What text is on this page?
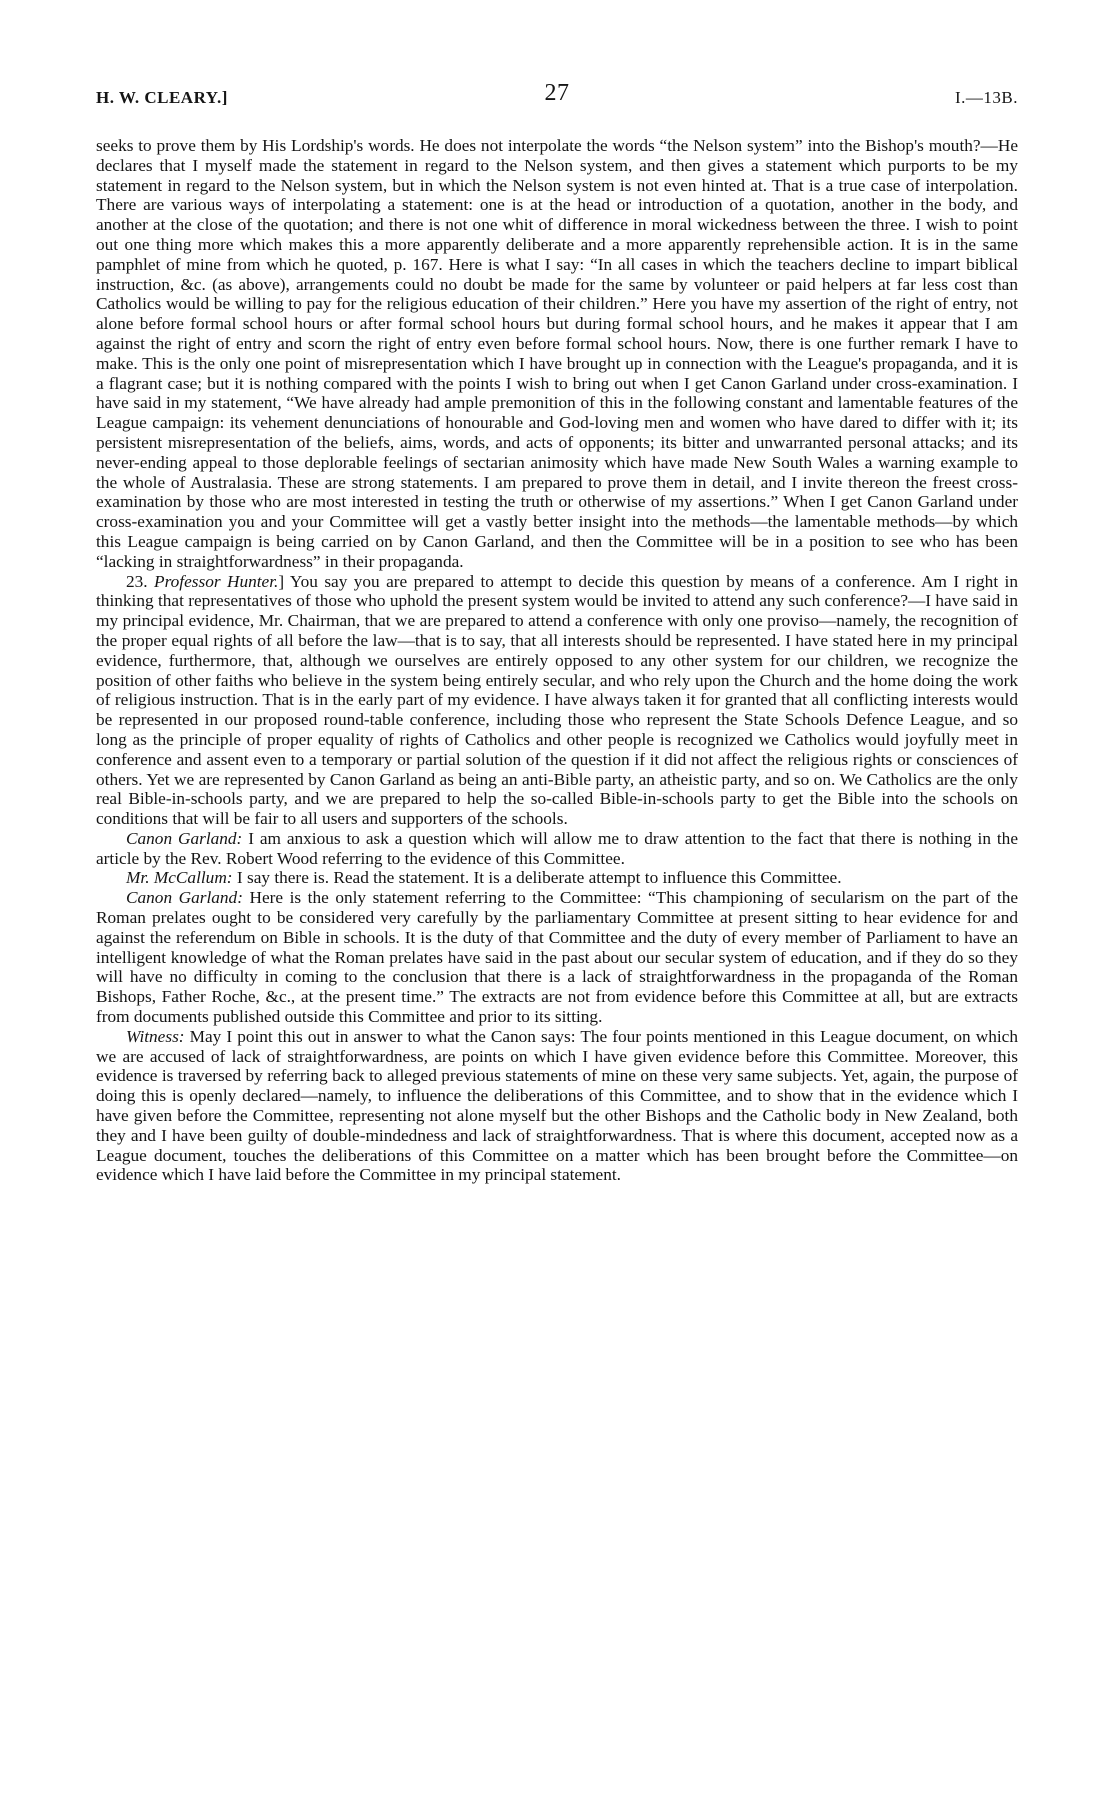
H. W. CLEARY.]	27	I.—13B.

seeks to prove them by His Lordship's words. He does not interpolate the words “the Nelson system” into the Bishop's mouth?—He declares that I myself made the statement in regard to the Nelson system, and then gives a statement which purports to be my statement in regard to the Nelson system, but in which the Nelson system is not even hinted at. That is a true case of interpolation. There are various ways of interpolating a statement: one is at the head or introduction of a quotation, another in the body, and another at the close of the quotation; and there is not one whit of difference in moral wickedness between the three. I wish to point out one thing more which makes this a more apparently deliberate and a more apparently reprehensible action. It is in the same pamphlet of mine from which he quoted, p. 167. Here is what I say: “In all cases in which the teachers decline to impart biblical instruction, &c. (as above), arrangements could no doubt be made for the same by volunteer or paid helpers at far less cost than Catholics would be willing to pay for the religious education of their children.” Here you have my assertion of the right of entry, not alone before formal school hours or after formal school hours but during formal school hours, and he makes it appear that I am against the right of entry and scorn the right of entry even before formal school hours. Now, there is one further remark I have to make. This is the only one point of misrepresentation which I have brought up in connection with the League's propaganda, and it is a flagrant case; but it is nothing compared with the points I wish to bring out when I get Canon Garland under cross-examination. I have said in my statement, “We have already had ample premonition of this in the following constant and lamentable features of the League campaign: its vehement denunciations of honourable and God-loving men and women who have dared to differ with it; its persistent misrepresentation of the beliefs, aims, words, and acts of opponents; its bitter and unwarranted personal attacks; and its never-ending appeal to those deplorable feelings of sectarian animosity which have made New South Wales a warning example to the whole of Australasia. These are strong statements. I am prepared to prove them in detail, and I invite thereon the freest cross-examination by those who are most interested in testing the truth or otherwise of my assertions.” When I get Canon Garland under cross-examination you and your Committee will get a vastly better insight into the methods—the lamentable methods—by which this League campaign is being carried on by Canon Garland, and then the Committee will be in a position to see who has been “lacking in straightforwardness” in their propaganda.

23. Professor Hunter.] You say you are prepared to attempt to decide this question by means of a conference. Am I right in thinking that representatives of those who uphold the present system would be invited to attend any such conference?—I have said in my principal evidence, Mr. Chairman, that we are prepared to attend a conference with only one proviso—namely, the recognition of the proper equal rights of all before the law—that is to say, that all interests should be represented. I have stated here in my principal evidence, furthermore, that, although we ourselves are entirely opposed to any other system for our children, we recognize the position of other faiths who believe in the system being entirely secular, and who rely upon the Church and the home doing the work of religious instruction. That is in the early part of my evidence. I have always taken it for granted that all conflicting interests would be represented in our proposed round-table conference, including those who represent the State Schools Defence League, and so long as the principle of proper equality of rights of Catholics and other people is recognized we Catholics would joyfully meet in conference and assent even to a temporary or partial solution of the question if it did not affect the religious rights or consciences of others. Yet we are represented by Canon Garland as being an anti-Bible party, an atheistic party, and so on. We Catholics are the only real Bible-in-schools party, and we are prepared to help the so-called Bible-in-schools party to get the Bible into the schools on conditions that will be fair to all users and supporters of the schools.

Canon Garland: I am anxious to ask a question which will allow me to draw attention to the fact that there is nothing in the article by the Rev. Robert Wood referring to the evidence of this Committee.

Mr. McCallum: I say there is. Read the statement. It is a deliberate attempt to influence this Committee.

Canon Garland: Here is the only statement referring to the Committee: “This championing of secularism on the part of the Roman prelates ought to be considered very carefully by the parliamentary Committee at present sitting to hear evidence for and against the referendum on Bible in schools. It is the duty of that Committee and the duty of every member of Parliament to have an intelligent knowledge of what the Roman prelates have said in the past about our secular system of education, and if they do so they will have no difficulty in coming to the conclusion that there is a lack of straightforwardness in the propaganda of the Roman Bishops, Father Roche, &c., at the present time.” The extracts are not from evidence before this Committee at all, but are extracts from documents published outside this Committee and prior to its sitting.

Witness: May I point this out in answer to what the Canon says: The four points mentioned in this League document, on which we are accused of lack of straightforwardness, are points on which I have given evidence before this Committee. Moreover, this evidence is traversed by referring back to alleged previous statements of mine on these very same subjects. Yet, again, the purpose of doing this is openly declared—namely, to influence the deliberations of this Committee, and to show that in the evidence which I have given before the Committee, representing not alone myself but the other Bishops and the Catholic body in New Zealand, both they and I have been guilty of double-mindedness and lack of straightforwardness. That is where this document, accepted now as a League document, touches the deliberations of this Committee on a matter which has been brought before the Committee—on evidence which I have laid before the Committee in my principal statement.
